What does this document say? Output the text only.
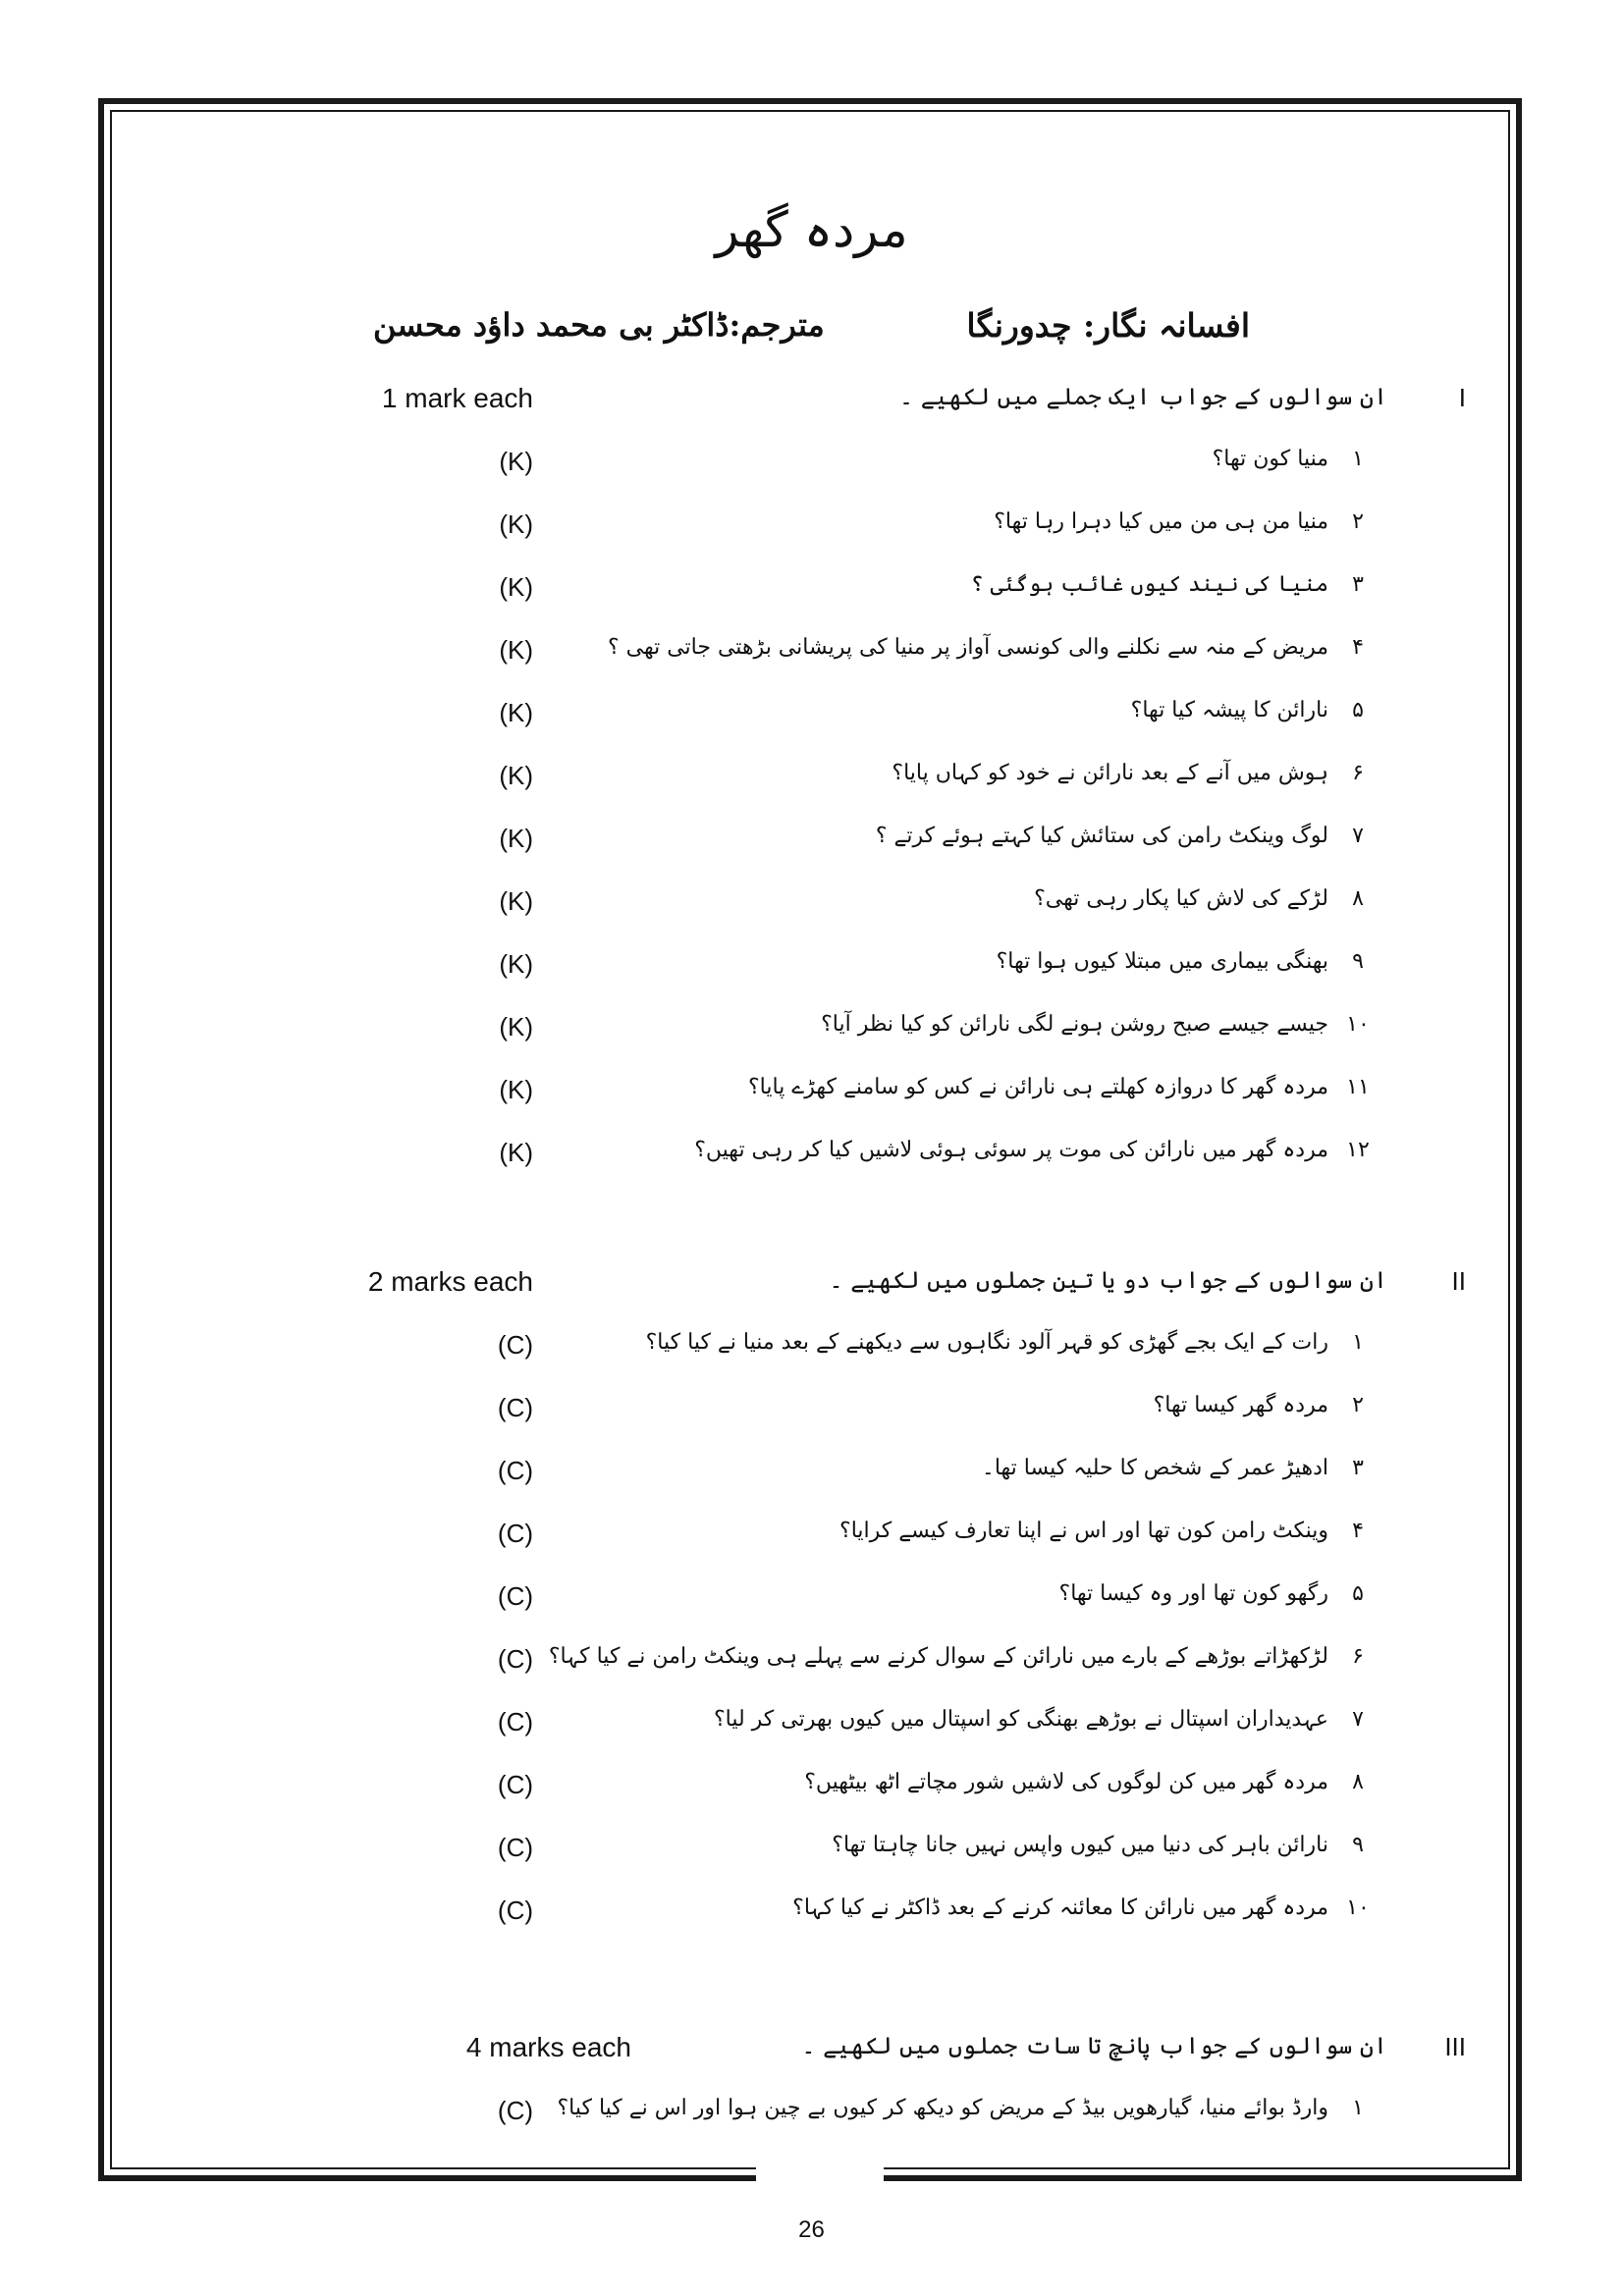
مردہ گھر
مترجم:ڈاکٹر بی محمد داؤد محسن	افسانہ نگار: چدورنگا
I
ان سوالوں کے جواب ایک جملے میں لکھیے ۔
1 mark each
۱
منیا کون تھا؟
(K)
۲
منیا من ہی من میں کیا دہرا رہا تھا؟
(K)
۳
منیا کی نیند کیوں غائب ہوگئی ؟
(K)
۴
مریض کے منہ سے نکلنے والی کونسی آواز پر منیا کی پریشانی بڑھتی جاتی تھی ؟
(K)
۵
نارائن کا پیشہ کیا تھا؟
(K)
۶
ہوش میں آنے کے بعد نارائن نے خود کو کہاں پایا؟
(K)
۷
لوگ وینکٹ رامن کی ستائش کیا کہتے ہوئے کرتے ؟
(K)
۸
لڑکے کی لاش کیا پکار رہی تھی؟
(K)
۹
بھنگی بیماری میں مبتلا کیوں ہوا تھا؟
(K)
۱۰
جیسے جیسے صبح روشن ہونے لگی نارائن کو کیا نظر آیا؟
(K)
۱۱
مردہ گھر کا دروازہ کھلتے ہی نارائن نے کس کو سامنے کھڑے پایا؟
(K)
۱۲
مردہ گھر میں نارائن کی موت پر سوئی ہوئی لاشیں کیا کر رہی تھیں؟
(K)
II
ان سوالوں کے جواب دو یا تین جملوں میں لکھیے ۔
2 marks each
۱
رات کے ایک بجے گھڑی کو قہر آلود نگاہوں سے دیکھنے کے بعد منیا نے کیا کیا؟
(C)
۲
مردہ گھر کیسا تھا؟
(C)
۳
ادھیڑ عمر کے شخص کا حلیہ کیسا تھا۔
(C)
۴
وینکٹ رامن کون تھا اور اس نے اپنا تعارف کیسے کرایا؟
(C)
۵
رگھو کون تھا اور وہ کیسا تھا؟
(C)
۶
لڑکھڑاتے بوڑھے کے بارے میں نارائن کے سوال کرنے سے پہلے ہی وینکٹ رامن نے کیا کہا؟
(C)
۷
عہدیداران اسپتال نے بوڑھے بھنگی کو اسپتال میں کیوں بھرتی کر لیا؟
(C)
۸
مردہ گھر میں کن لوگوں کی لاشیں شور مچاتے اٹھ بیٹھیں؟
(C)
۹
نارائن باہر کی دنیا میں کیوں واپس نہیں جانا چاہتا تھا؟
(C)
۱۰
مردہ گھر میں نارائن کا معائنہ کرنے کے بعد ڈاکٹر نے کیا کہا؟
(C)
III
ان سوالوں کے جواب پانچ تا سات جملوں میں لکھیے ۔
4 marks each
۱
وارڈ بوائے منیا، گیارھویں بیڈ کے مریض کو دیکھ کر کیوں بے چین ہوا اور اس نے کیا کیا؟
(C)
26
